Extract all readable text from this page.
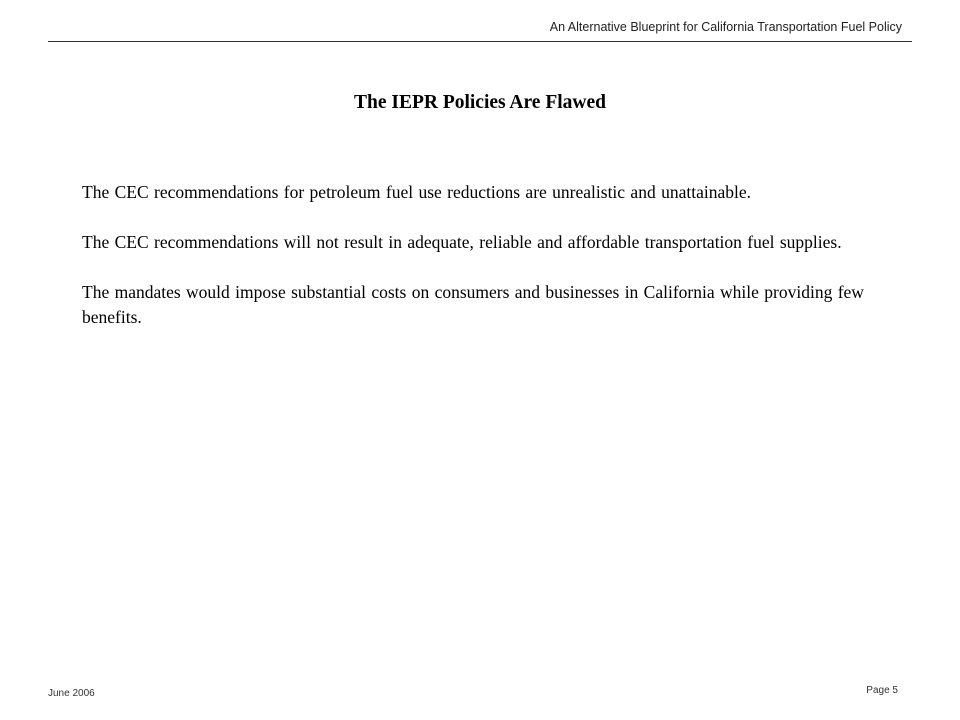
An Alternative Blueprint for California Transportation Fuel Policy
The IEPR Policies Are Flawed
The CEC recommendations for petroleum fuel use reductions are unrealistic and unattainable.
The CEC recommendations will not result in adequate, reliable and affordable transportation fuel supplies.
The mandates would impose substantial costs on consumers and businesses in California while providing few benefits.
June 2006	Page 5
